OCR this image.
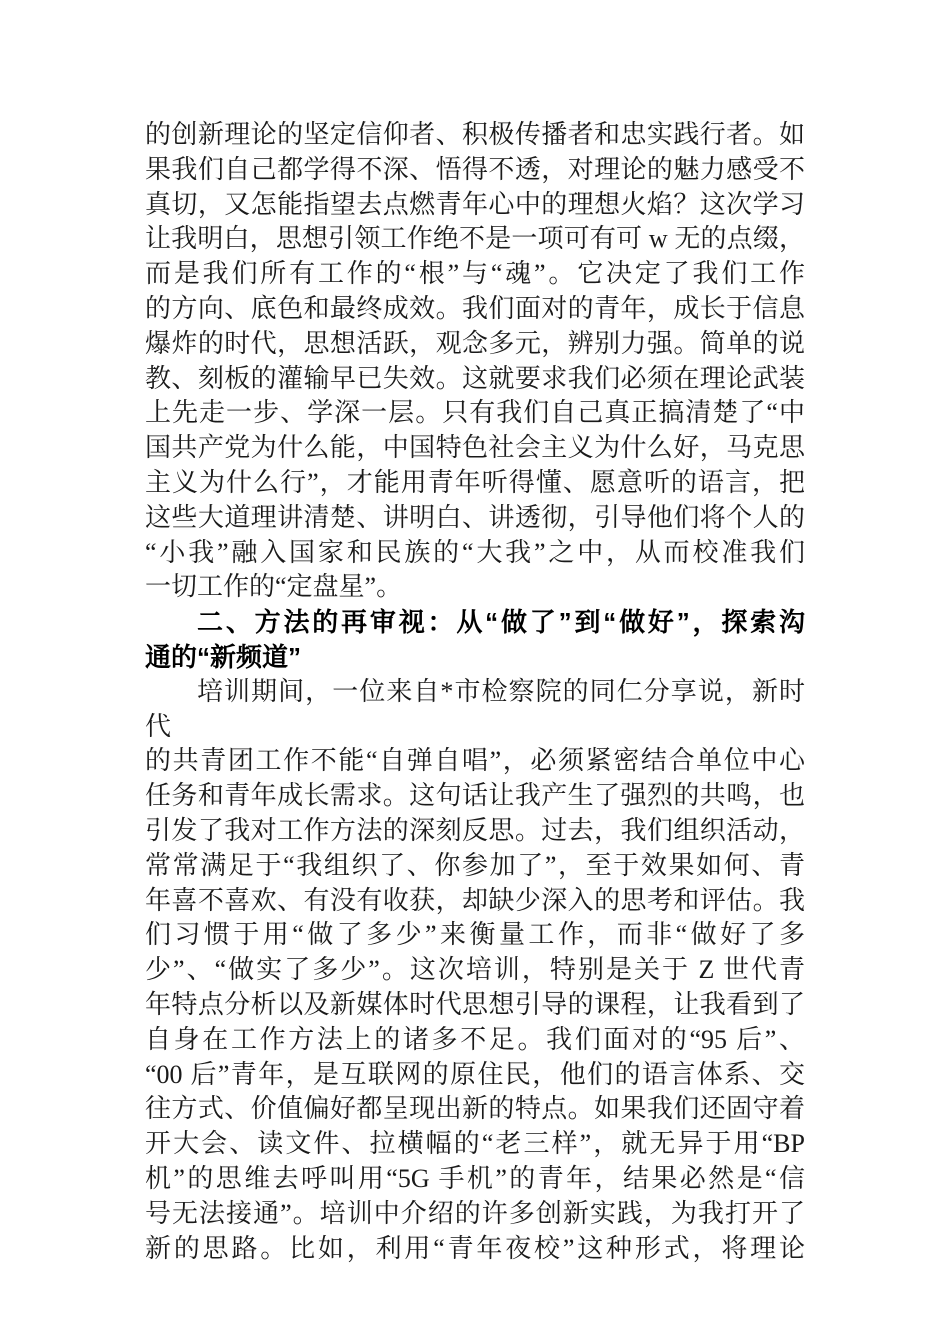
的创新理论的坚定信仰者、积极传播者和忠实践行者。如
果我们自己都学得不深、悟得不透，对理论的魅力感受不
真切，又怎能指望去点燃青年心中的理想火焰？这次学习
让我明白，思想引领工作绝不是一项可有可 w 无的点缀，
而是我们所有工作的“根”与“魂”。它决定了我们工作
的方向、底色和最终成效。我们面对的青年，成长于信息
爆炸的时代，思想活跃，观念多元，辨别力强。简单的说
教、刻板的灌输早已失效。这就要求我们必须在理论武装
上先走一步、学深一层。只有我们自己真正搞清楚了“中
国共产党为什么能，中国特色社会主义为什么好，马克思
主义为什么行”，才能用青年听得懂、愿意听的语言，把
这些大道理讲清楚、讲明白、讲透彻，引导他们将个人的
“小我”融入国家和民族的“大我”之中，从而校准我们
一切工作的“定盘星”。
二、方法的再审视：从“做了”到“做好”，探索沟
通的“新频道”
培训期间，一位来自*市检察院的同仁分享说，新时代
的共青团工作不能“自弹自唱”，必须紧密结合单位中心
任务和青年成长需求。这句话让我产生了强烈的共鸣，也
引发了我对工作方法的深刻反思。过去，我们组织活动，
常常满足于“我组织了、你参加了”，至于效果如何、青
年喜不喜欢、有没有收获，却缺少深入的思考和评估。我
们习惯于用“做了多少”来衡量工作，而非“做好了多
少”、“做实了多少”。这次培训，特别是关于 Z 世代青
年特点分析以及新媒体时代思想引导的课程，让我看到了
自身在工作方法上的诸多不足。我们面对的“95 后”、
“00 后”青年，是互联网的原住民，他们的语言体系、交
往方式、价值偏好都呈现出新的特点。如果我们还固守着
开大会、读文件、拉横幅的“老三样”，就无异于用“BP
机”的思维去呼叫用“5G 手机”的青年，结果必然是“信
号无法接通”。培训中介绍的许多创新实践，为我打开了
新的思路。比如，利用“青年夜校”这种形式，将理论
